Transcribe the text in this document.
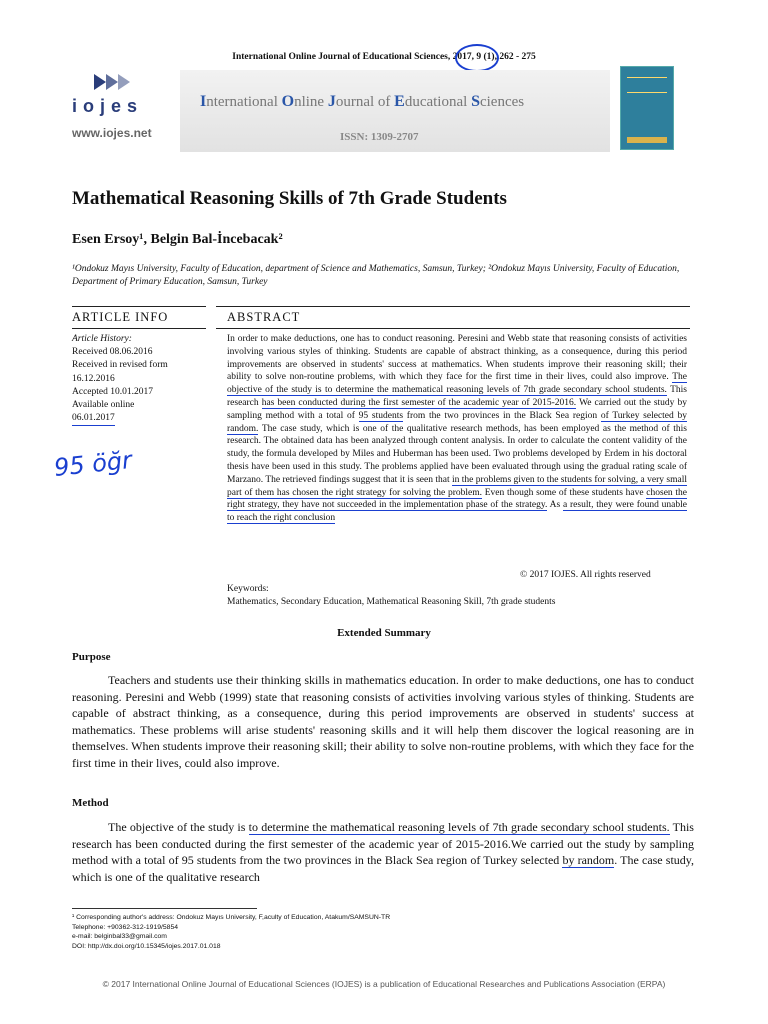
International Online Journal of Educational Sciences, 2017, 9 (1), 262 - 275
iojes
www.iojes.net
International Online Journal of Educational Sciences
ISSN: 1309-2707
Mathematical Reasoning Skills of 7th Grade Students
Esen Ersoy¹, Belgin Bal-İncebacak²
¹Ondokuz Mayıs University, Faculty of Education, department of Science and Mathematics, Samsun, Turkey; ²Ondokuz Mayıs University, Faculty of Education, Department of Primary Education, Samsun, Turkey
ARTICLE INFO	ABSTRACT
Article History:
Received 08.06.2016
Received in revised form
16.12.2016
Accepted 10.01.2017
Available online
06.01.2017
95 öğr
In order to make deductions, one has to conduct reasoning. Peresini and Webb state that reasoning consists of activities involving various styles of thinking. Students are capable of abstract thinking, as a consequence, during this period improvements are observed in students' success at mathematics. When students improve their reasoning skill; their ability to solve non-routine problems, with which they face for the first time in their lives, could also improve. The objective of the study is to determine the mathematical reasoning levels of 7th grade secondary school students. This research has been conducted during the first semester of the academic year of 2015-2016. We carried out the study by sampling method with a total of 95 students from the two provinces in the Black Sea region of Turkey selected by random. The case study, which is one of the qualitative research methods, has been employed as the method of this research. The obtained data has been analyzed through content analysis. In order to calculate the content validity of the study, the formula developed by Miles and Huberman has been used. Two problems developed by Erdem in his doctoral thesis have been used in this study. The problems applied have been evaluated through using the gradual rating scale of Marzano. The retrieved findings suggest that it is seen that in the problems given to the students for solving, a very small part of them has chosen the right strategy for solving the problem. Even though some of these students have chosen the right strategy, they have not succeeded in the implementation phase of the strategy. As a result, they were found unable to reach the right conclusion
© 2017 IOJES. All rights reserved
Keywords:
Mathematics, Secondary Education, Mathematical Reasoning Skill, 7th grade students
Extended Summary
Purpose
Teachers and students use their thinking skills in mathematics education. In order to make deductions, one has to conduct reasoning. Peresini and Webb (1999) state that reasoning consists of activities involving various styles of thinking. Students are capable of abstract thinking, as a consequence, during this period improvements are observed in students' success at mathematics. These problems will arise students' reasoning skills and it will help them discover the logical reasoning are in themselves. When students improve their reasoning skill; their ability to solve non-routine problems, with which they face for the first time in their lives, could also improve.
Method
The objective of the study is to determine the mathematical reasoning levels of 7th grade secondary school students. This research has been conducted during the first semester of the academic year of 2015-2016.We carried out the study by sampling method with a total of 95 students from the two provinces in the Black Sea region of Turkey selected by random. The case study, which is one of the qualitative research
¹ Corresponding author's address: Ondokuz Mayıs University, F,aculty of Education, Atakum/SAMSUN-TR
Telephone: +90362-312-1919/5854
e-mail: belginbal33@gmail.com
DOI: http://dx.doi.org/10.15345/iojes.2017.01.018
© 2017 International Online Journal of Educational Sciences (IOJES) is a publication of Educational Researches and Publications Association (ERPA)
